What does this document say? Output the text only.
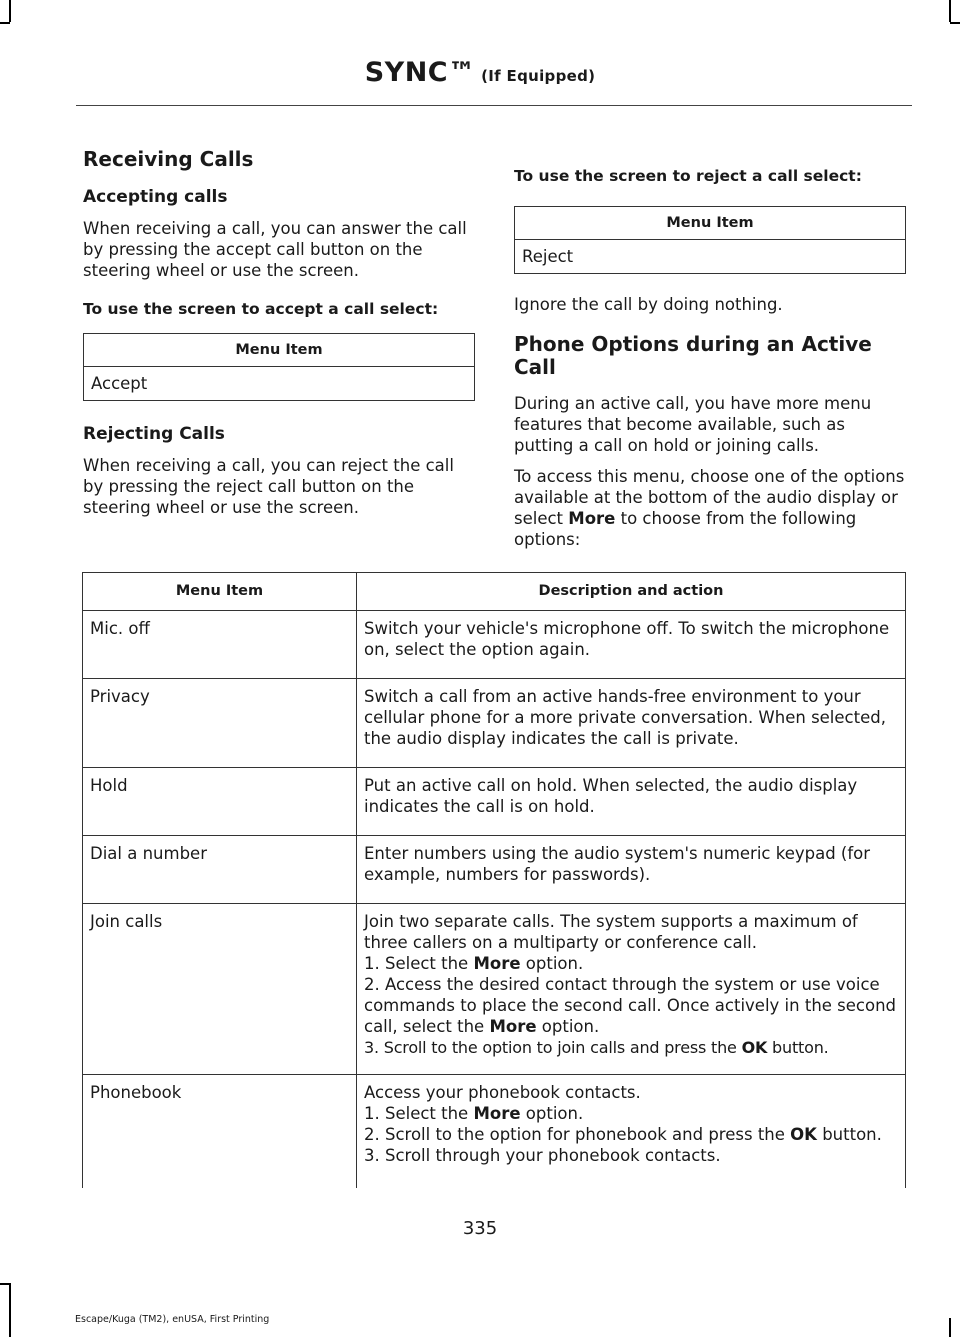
SYNC™ (If Equipped)
Receiving Calls
Accepting calls

When receiving a call, you can answer the call by pressing the accept call button on the steering wheel or use the screen.

To use the screen to accept a call select:
Menu Item
Accept
Rejecting Calls

When receiving a call, you can reject the call by pressing the reject call button on the steering wheel or use the screen.

To use the screen to reject a call select:
Menu Item
Reject

Ignore the call by doing nothing.

Phone Options during an Active Call

During an active call, you have more menu features that become available, such as putting a call on hold or joining calls.

To access this menu, choose one of the options available at the bottom of the audio display or select More to choose from the following options:

Menu Item	Description and action
Mic. off	Switch your vehicle's microphone off. To switch the microphone on, select the option again.
Privacy	Switch a call from an active hands-free environment to your cellular phone for a more private conversation. When selected, the audio display indicates the call is private.
Hold	Put an active call on hold. When selected, the audio display indicates the call is on hold.
Dial a number	Enter numbers using the audio system's numeric keypad (for example, numbers for passwords).
Join calls	Join two separate calls. The system supports a maximum of three callers on a multiparty or conference call.
1. Select the More option.
2. Access the desired contact through the system or use voice commands to place the second call. Once actively in the second call, select the More option.
3. Scroll to the option to join calls and press the OK button.

Phonebook	Access your phonebook contacts.
1. Select the More option.
2. Scroll to the option for phonebook and press the OK button.
3. Scroll through your phonebook contacts.
335
Escape/Kuga (TM2), enUSA, First Printing
